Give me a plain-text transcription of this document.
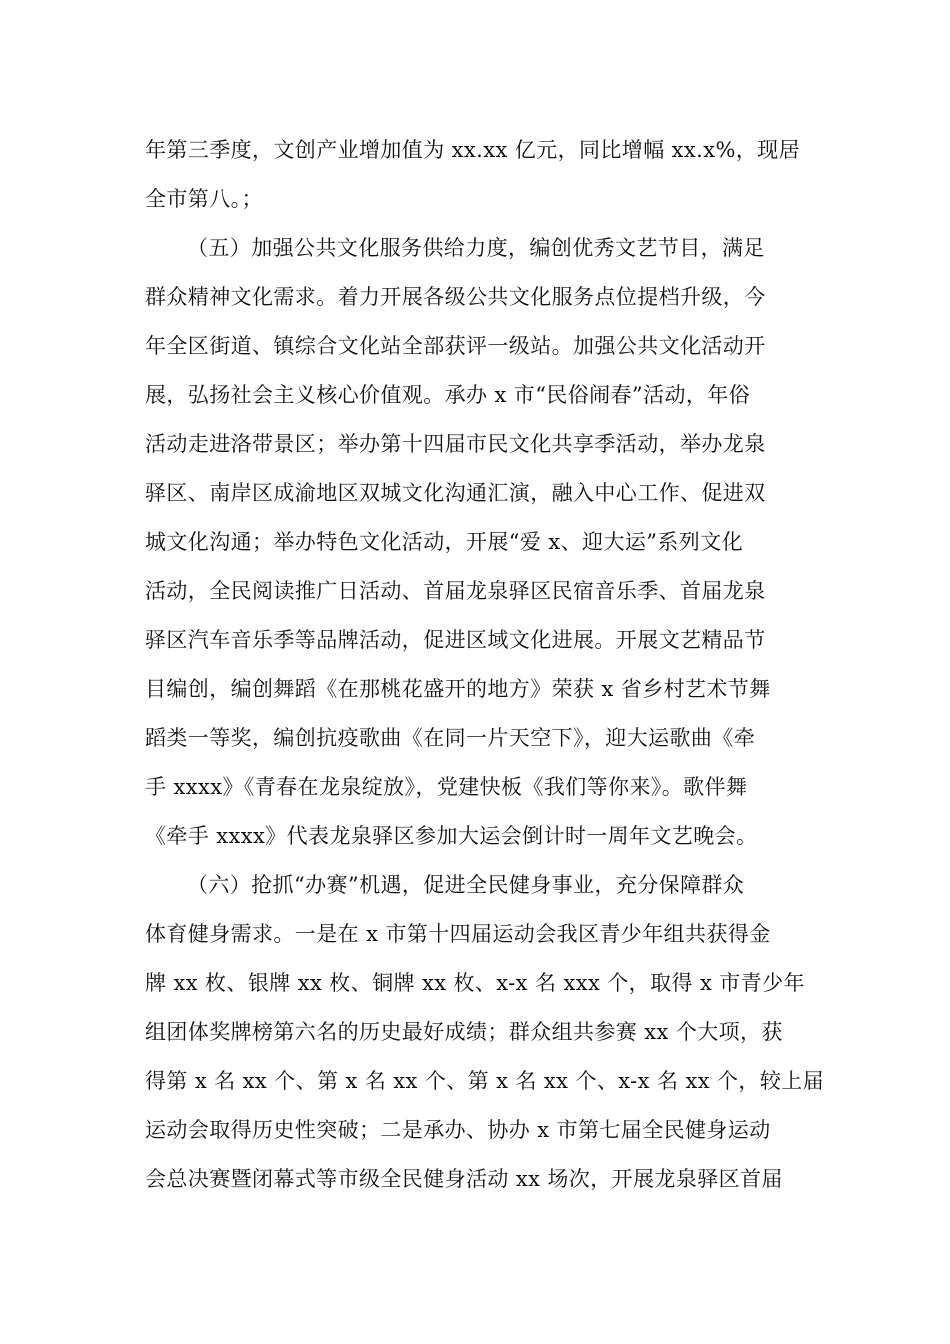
年第三季度，文创产业增加值为 xx.xx 亿元，同比增幅 xx.x%，现居
全市第八。；
（五）加强公共文化服务供给力度，编创优秀文艺节目，满足
群众精神文化需求。着力开展各级公共文化服务点位提档升级，今
年全区街道、镇综合文化站全部获评一级站。加强公共文化活动开
展，弘扬社会主义核心价值观。承办 x 市“民俗闹春”活动，年俗
活动走进洛带景区；举办第十四届市民文化共享季活动，举办龙泉
驿区、南岸区成渝地区双城文化沟通汇演，融入中心工作、促进双
城文化沟通；举办特色文化活动，开展“爱 x、迎大运”系列文化
活动，全民阅读推广日活动、首届龙泉驿区民宿音乐季、首届龙泉
驿区汽车音乐季等品牌活动，促进区域文化进展。开展文艺精品节
目编创，编创舞蹈《在那桃花盛开的地方》荣获 x 省乡村艺术节舞
蹈类一等奖，编创抗疫歌曲《在同一片天空下》，迎大运歌曲《牵
手 xxxx》《青春在龙泉绽放》，党建快板《我们等你来》。歌伴舞
《牵手 xxxx》代表龙泉驿区参加大运会倒计时一周年文艺晚会。
（六）抢抓“办赛”机遇，促进全民健身事业，充分保障群众
体育健身需求。一是在 x 市第十四届运动会我区青少年组共获得金
牌 xx 枚、银牌 xx 枚、铜牌 xx 枚、x-x 名 xxx 个，取得 x 市青少年
组团体奖牌榜第六名的历史最好成绩；群众组共参赛 xx 个大项，获
得第 x 名 xx 个、第 x 名 xx 个、第 x 名 xx 个、x-x 名 xx 个，较上届
运动会取得历史性突破；二是承办、协办 x 市第七届全民健身运动
会总决赛暨闭幕式等市级全民健身活动 xx 场次，开展龙泉驿区首届
